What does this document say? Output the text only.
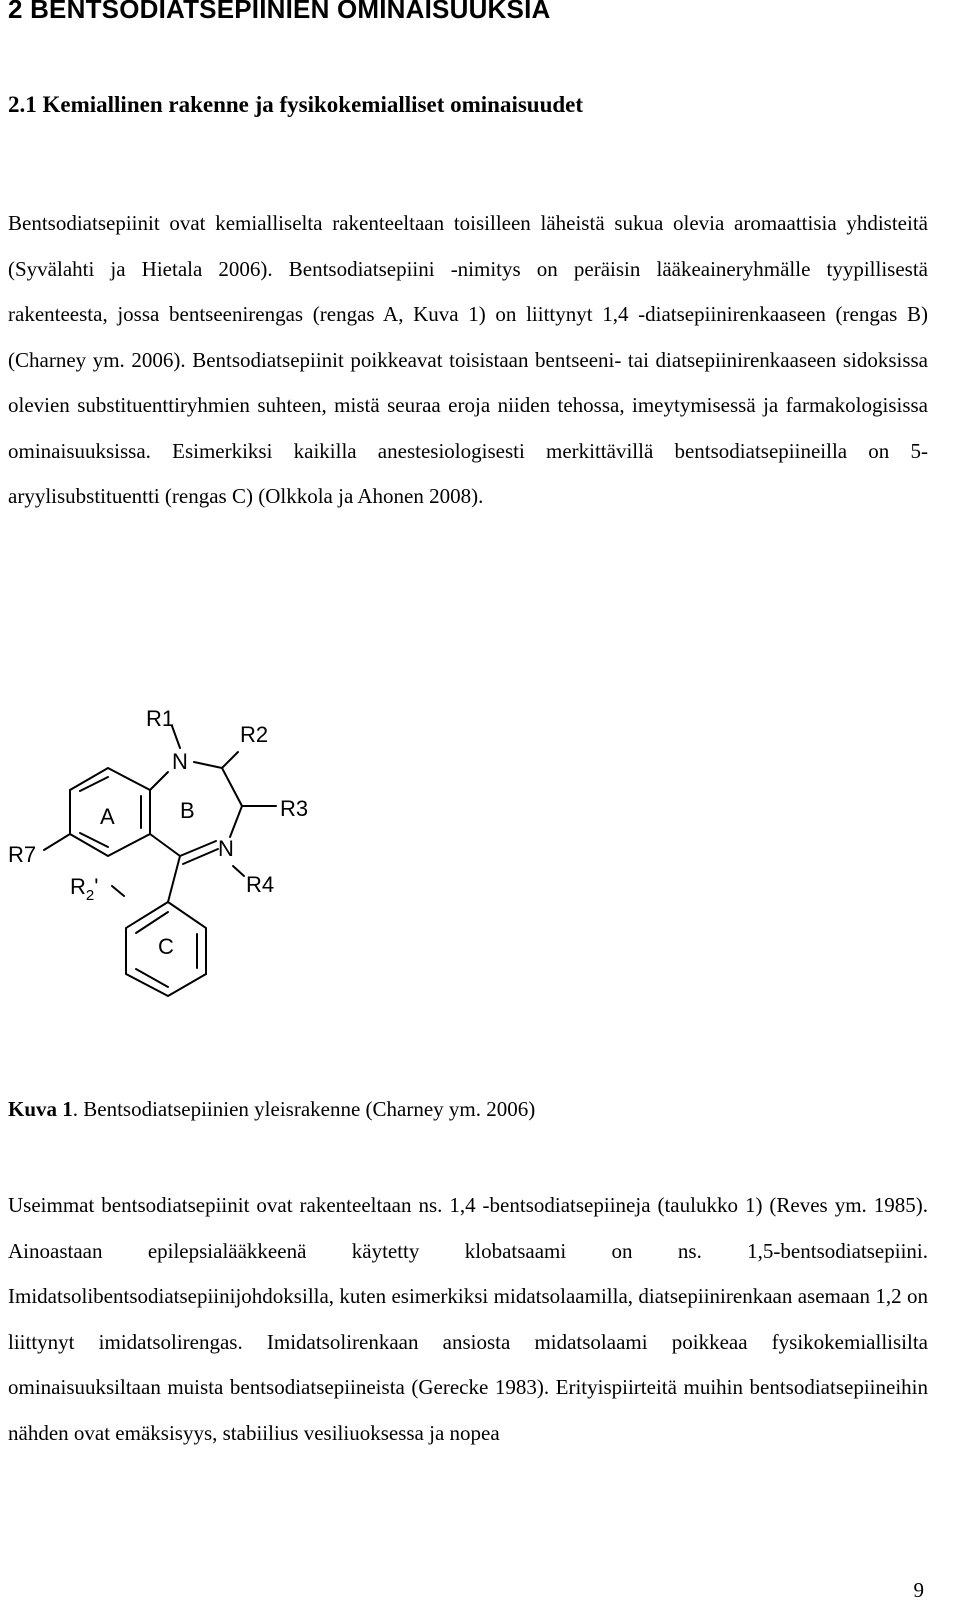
2 BENTSODIATSEPIINIEN OMINAISUUKSIA
2.1 Kemiallinen rakenne ja fysikokemialliset ominaisuudet

Bentsodiatsepiinit ovat kemialliselta rakenteeltaan toisilleen läheistä sukua olevia aromaattisia yhdisteitä (Syvälahti ja Hietala 2006). Bentsodiatsepiini -nimitys on peräisin lääkeaineryhmälle tyypillisestä rakenteesta, jossa bentseenirengas (rengas A, Kuva 1) on liittynyt 1,4 -diatsepiinirenkaaseen (rengas B) (Charney ym. 2006). Bentsodiatsepiinit poikkeavat toisistaan bentseeni- tai diatsepiinirenkaaseen sidoksissa olevien substituenttiryhmien suhteen, mistä seuraa eroja niiden tehossa, imeytymisessä ja farmakologisissa ominaisuuksissa. Esimerkiksi kaikilla anestesiologisesti merkittävillä bentsodiatsepiineilla on 5-aryylisubstituentti (rengas C) (Olkkola ja Ahonen 2008).

R1
N
R2
A	B	R3
N
R7
R4
$R_2'$
C
Kuva 1. Bentsodiatsepiinien yleisrakenne (Charney ym. 2006)

Useimmat bentsodiatsepiinit ovat rakenteeltaan ns. 1,4 -bentsodiatsepiineja (taulukko 1) (Reves ym. 1985). Ainoastaan epilepsialääkkeenä käytetty klobatsaami on ns. 1,5-bentsodiatsepiini. Imidatsolibentsodiatsepiinijohdoksilla, kuten esimerkiksi midatsolaamilla, diatsepiinirenkaan asemaan 1,2 on liittynyt imidatsolirengas. Imidatsolirenkaan ansiosta midatsolaami poikkeaa fysikokemiallisilta ominaisuuksiltaan muista bentsodiatsepiineista (Gerecke 1983). Erityispiirteitä muihin bentsodiatsepiineihin nähden ovat emäksisyys, stabiilius vesiliuoksessa ja nopea

9
